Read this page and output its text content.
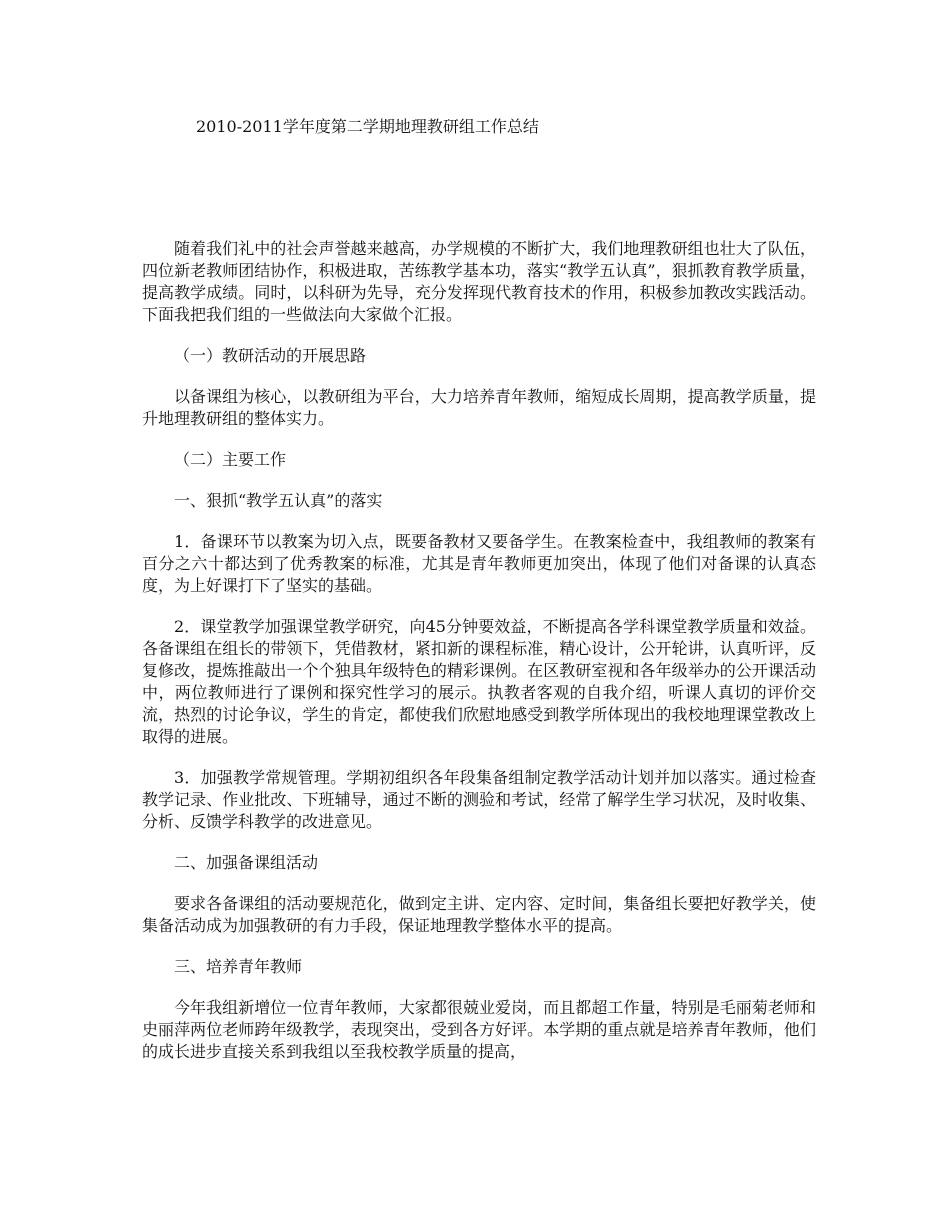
2010-2011学年度第二学期地理教研组工作总结

随着我们礼中的社会声誉越来越高，办学规模的不断扩大，我们地理教研组也壮大了队伍，四位新老教师团结协作，积极进取，苦练教学基本功，落实“教学五认真”，狠抓教育教学质量，提高教学成绩。同时，以科研为先导，充分发挥现代教育技术的作用，积极参加教改实践活动。下面我把我们组的一些做法向大家做个汇报。

（一）教研活动的开展思路

以备课组为核心，以教研组为平台，大力培养青年教师，缩短成长周期，提高教学质量，提升地理教研组的整体实力。

（二）主要工作

一、狠抓“教学五认真”的落实

1．备课环节以教案为切入点，既要备教材又要备学生。在教案检查中，我组教师的教案有百分之六十都达到了优秀教案的标准，尤其是青年教师更加突出，体现了他们对备课的认真态度，为上好课打下了坚实的基础。

2．课堂教学加强课堂教学研究，向45分钟要效益，不断提高各学科课堂教学质量和效益。各备课组在组长的带领下，凭借教材，紧扣新的课程标准，精心设计，公开轮讲，认真听评，反复修改，提炼推敲出一个个独具年级特色的精彩课例。在区教研室视和各年级举办的公开课活动中，两位教师进行了课例和探究性学习的展示。执教者客观的自我介绍，听课人真切的评价交流，热烈的讨论争议，学生的肯定，都使我们欣慰地感受到教学所体现出的我校地理课堂教改上取得的进展。

3．加强教学常规管理。学期初组织各年段集备组制定教学活动计划并加以落实。通过检查教学记录、作业批改、下班辅导，通过不断的测验和考试，经常了解学生学习状况，及时收集、分析、反馈学科教学的改进意见。

二、加强备课组活动

要求各备课组的活动要规范化，做到定主讲、定内容、定时间，集备组长要把好教学关，使集备活动成为加强教研的有力手段，保证地理教学整体水平的提高。

三、培养青年教师

今年我组新增位一位青年教师，大家都很兢业爱岗，而且都超工作量，特别是毛丽菊老师和史丽萍两位老师跨年级教学，表现突出，受到各方好评。本学期的重点就是培养青年教师，他们的成长进步直接关系到我组以至我校教学质量的提高，
